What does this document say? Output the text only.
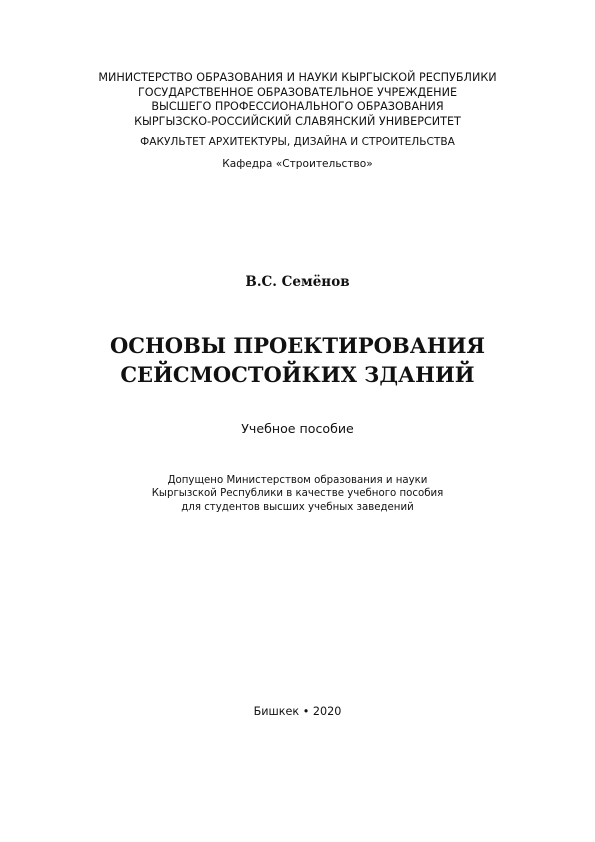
МИНИСТЕРСТВО ОБРАЗОВАНИЯ И НАУКИ КЫРГЫСКОЙ РЕСПУБЛИКИ
ГОСУДАРСТВЕННОЕ ОБРАЗОВАТЕЛЬНОЕ УЧРЕЖДЕНИЕ
ВЫСШЕГО ПРОФЕССИОНАЛЬНОГО ОБРАЗОВАНИЯ
КЫРГЫЗСКО-РОССИЙСКИЙ СЛАВЯНСКИЙ УНИВЕРСИТЕТ
ФАКУЛЬТЕТ АРХИТЕКТУРЫ, ДИЗАЙНА И СТРОИТЕЛЬСТВА
Кафедра «Строительство»
В.С. Семёнов
ОСНОВЫ ПРОЕКТИРОВАНИЯ
СЕЙСМОСТОЙКИХ ЗДАНИЙ
Учебное пособие
Допущено Министерством образования и науки
Кыргызской Республики в качестве учебного пособия
для студентов высших учебных заведений
Бишкек • 2020
